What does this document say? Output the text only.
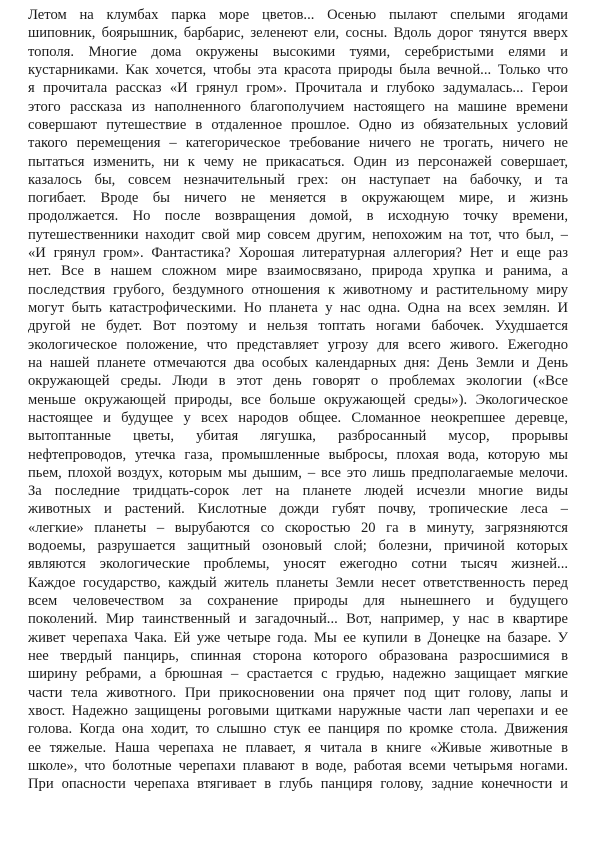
Летом на клумбах парка море цветов... Осенью пылают спелыми ягодами
шиповник, боярышник, барбарис, зеленеют ели, сосны. Вдоль дорог тянутся вверх
тополя. Многие дома окружены высокими туями, серебристыми елями и
кустарниками. Как хочется, чтобы эта красота природы была вечной... Только что
я прочитала рассказ «И грянул гром». Прочитала и глубоко задумалась... Герои
этого рассказа из наполненного благополучием настоящего на машине времени
совершают путешествие в отдаленное прошлое. Одно из обязательных условий
такого перемещения – категорическое требование ничего не трогать, ничего не
пытаться изменить, ни к чему не прикасаться. Один из персонажей совершает,
казалось бы, совсем незначительный грех: он наступает на бабочку, и та
погибает. Вроде бы ничего не меняется в окружающем мире, и жизнь
продолжается. Но после возвращения домой, в исходную точку времени,
путешественники находит свой мир совсем другим, непохожим на тот, что был, –
«И грянул гром». Фантастика? Хорошая литературная аллегория? Нет и еще раз
нет. Все в нашем сложном мире взаимосвязано, природа хрупка и ранима, а
последствия грубого, бездумного отношения к животному и растительному миру
могут быть катастрофическими. Но планета у нас одна. Одна на всех землян. И
другой не будет. Вот поэтому и нельзя топтать ногами бабочек. Ухудшается
экологическое положение, что представляет угрозу для всего живого. Ежегодно
на нашей планете отмечаются два особых календарных дня: День Земли и День
окружающей среды. Люди в этот день говорят о проблемах экологии («Все
меньше окружающей природы, все больше окружающей среды»). Экологическое
настоящее и будущее у всех народов общее. Сломанное неокрепшее деревце,
вытоптанные цветы, убитая лягушка, разбросанный мусор, прорывы
нефтепроводов, утечка газа, промышленные выбросы, плохая вода, которую мы
пьем, плохой воздух, которым мы дышим, – все это лишь предполагаемые мелочи.
За последние тридцать-сорок лет на планете людей исчезли многие виды
животных и растений. Кислотные дожди губят почву, тропические леса –
«легкие» планеты – вырубаются со скоростью 20 га в минуту, загрязняются
водоемы, разрушается защитный озоновый слой; болезни, причиной которых
являются экологические проблемы, уносят ежегодно сотни тысяч жизней...
Каждое государство, каждый житель планеты Земли несет ответственность перед
всем человечеством за сохранение природы для нынешнего и будущего
поколений. Мир таинственный и загадочный... Вот, например, у нас в квартире
живет черепаха Чака. Ей уже четыре года. Мы ее купили в Донецке на базаре. У
нее твердый панцирь, спинная сторона которого образована разросшимися в
ширину ребрами, а брюшная – срастается с грудью, надежно защищает мягкие
части тела животного. При прикосновении она прячет под щит голову, лапы и
хвост. Надежно защищены роговыми щитками наружные части лап черепахи и ее
голова. Когда она ходит, то слышно стук ее панциря по кромке стола. Движения
ее тяжелые. Наша черепаха не плавает, я читала в книге «Живые животные в
школе», что болотные черепахи плавают в воде, работая всеми четырьмя ногами.
При опасности черепаха втягивает в глубь панциря голову, задние конечности и
